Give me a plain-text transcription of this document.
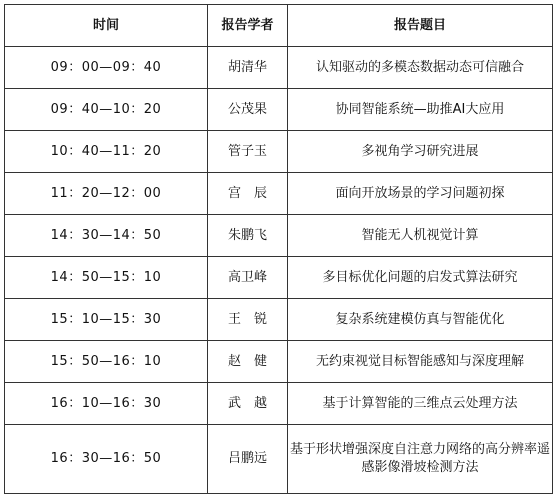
时间	报告学者	报告题目
09：00—09：40	胡清华	认知驱动的多模态数据动态可信融合
09：40—10：20	公茂果	协同智能系统—助推AI大应用
10：40—11：20	管子玉	多视角学习研究进展
11：20—12：00	宫　辰	面向开放场景的学习问题初探
14：30—14：50	朱鹏飞	智能无人机视觉计算
14：50—15：10	高卫峰	多目标优化问题的启发式算法研究
15：10—15：30	王　锐	复杂系统建模仿真与智能优化
15：50—16：10	赵　健	无约束视觉目标智能感知与深度理解
16：10—16：30	武　越	基于计算智能的三维点云处理方法
16：30—16：50	吕鹏远	基于形状增强深度自注意力网络的高分辨率遥感影像滑坡检测方法
